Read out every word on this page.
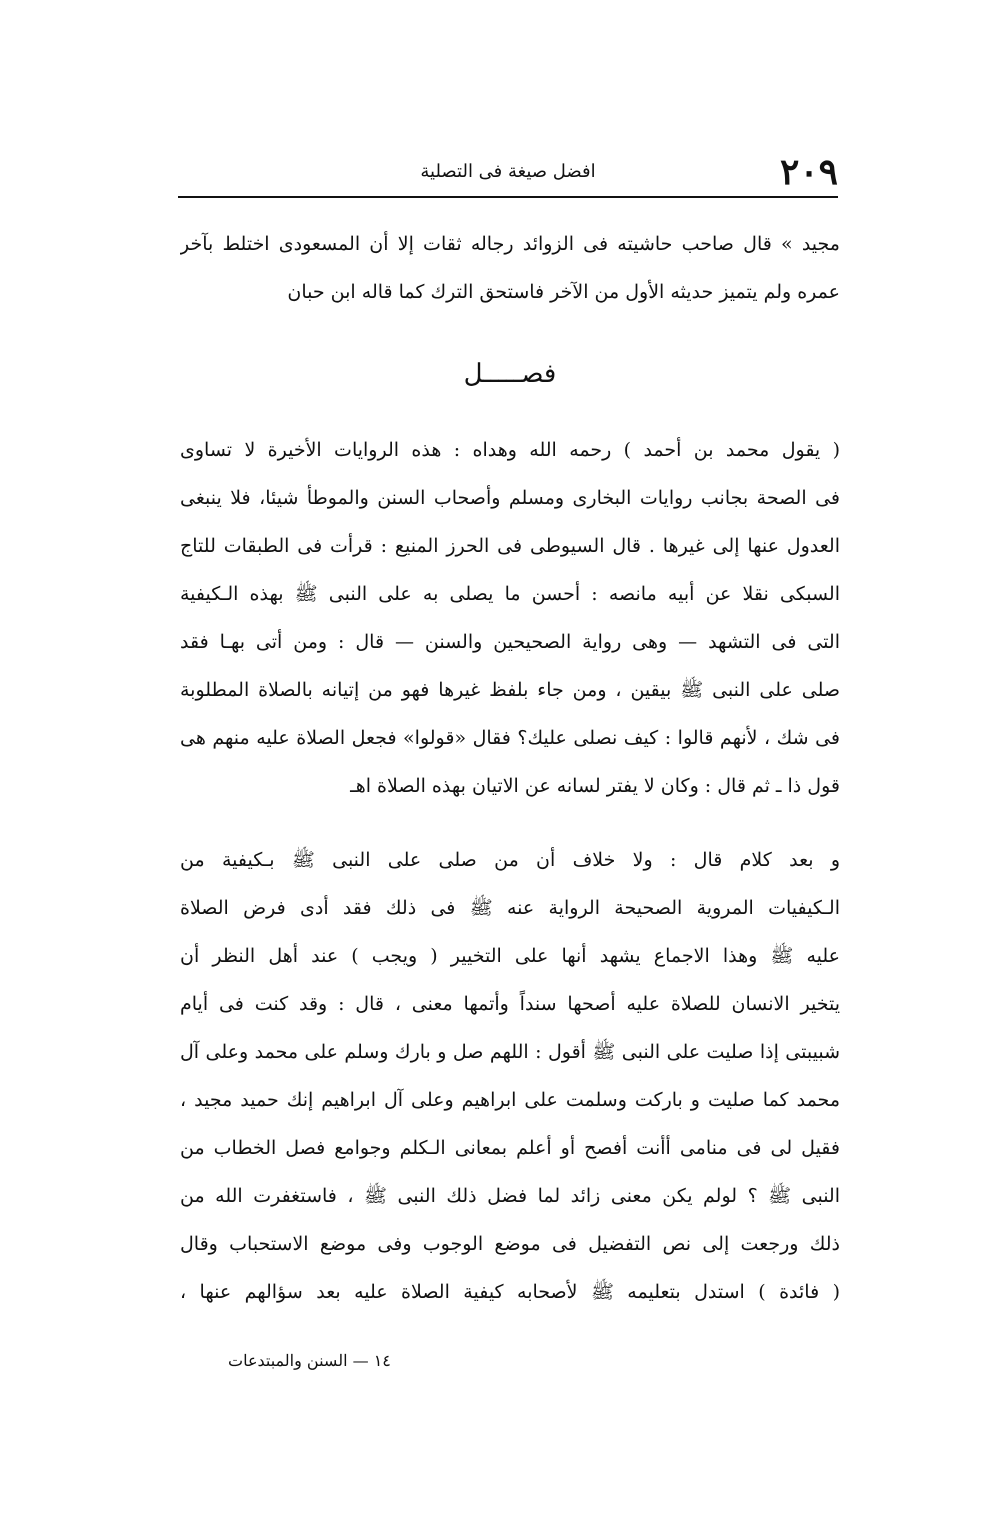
٢٠٩
افضل صيغة فى التصلية
مجيد » قال صاحب حاشيته فى الزوائد رجاله ثقات إلا أن المسعودى اختلط بآخر
عمره ولم يتميز حديثه الأول من الآخر فاستحق الترك كما قاله ابن حبان
فصـــــل
( يقول محمد بن أحمد ) رحمه الله وهداه : هذه الروايات الأخيرة لا تساوى
فى الصحة بجانب روايات البخارى ومسلم وأصحاب السنن والموطأ شيئا، فلا ينبغى
العدول عنها إلى غيرها . قال السيوطى فى الحرز المنيع : قرأت فى الطبقات للتاج
السبكى نقلا عن أبيه مانصه : أحسن ما يصلى به على النبى ﷺ بهذه الـكيفية
التى فى التشهد — وهى رواية الصحيحين والسنن — قال : ومن أتى بهـا فقد
صلى على النبى ﷺ بيقين ، ومن جاء بلفظ غيرها فهو من إتيانه بالصلاة المطلوبة
فى شك ، لأنهم قالوا : كيف نصلى عليك؟ فقال «قولوا» فجعل الصلاة عليه منهم هى
قول ذا ـ ثم قال : وكان لا يفتر لسانه عن الاتيان بهذه الصلاة اهـ
و بعد كلام قال : ولا خلاف أن من صلى على النبى ﷺ بـكيفية من
الـكيفيات المروية الصحيحة الرواية عنه ﷺ فى ذلك فقد أدى فرض الصلاة
عليه ﷺ وهذا الاجماع يشهد أنها على التخيير ( ويجب ) عند أهل النظر أن
يتخير الانسان للصلاة عليه أصحها سنداً وأتمها معنى ، قال : وقد كنت فى أيام
شبيبتى إذا صليت على النبى ﷺ أقول : اللهم صل و بارك وسلم على محمد وعلى آل
محمد كما صليت و باركت وسلمت على ابراهيم وعلى آل ابراهيم إنك حميد مجيد ،
فقيل لى فى منامى أأنت أفصح أو أعلم بمعانى الـكلم وجوامع فصل الخطاب من
النبى ﷺ ؟ لولم يكن معنى زائد لما فضل ذلك النبى ﷺ ، فاستغفرت الله من
ذلك ورجعت إلى نص التفضيل فى موضع الوجوب وفى موضع الاستحباب وقال
( فائدة ) استدل بتعليمه ﷺ لأصحابه كيفية الصلاة عليه بعد سؤالهم عنها ،
١٤ — السنن والمبتدعات
